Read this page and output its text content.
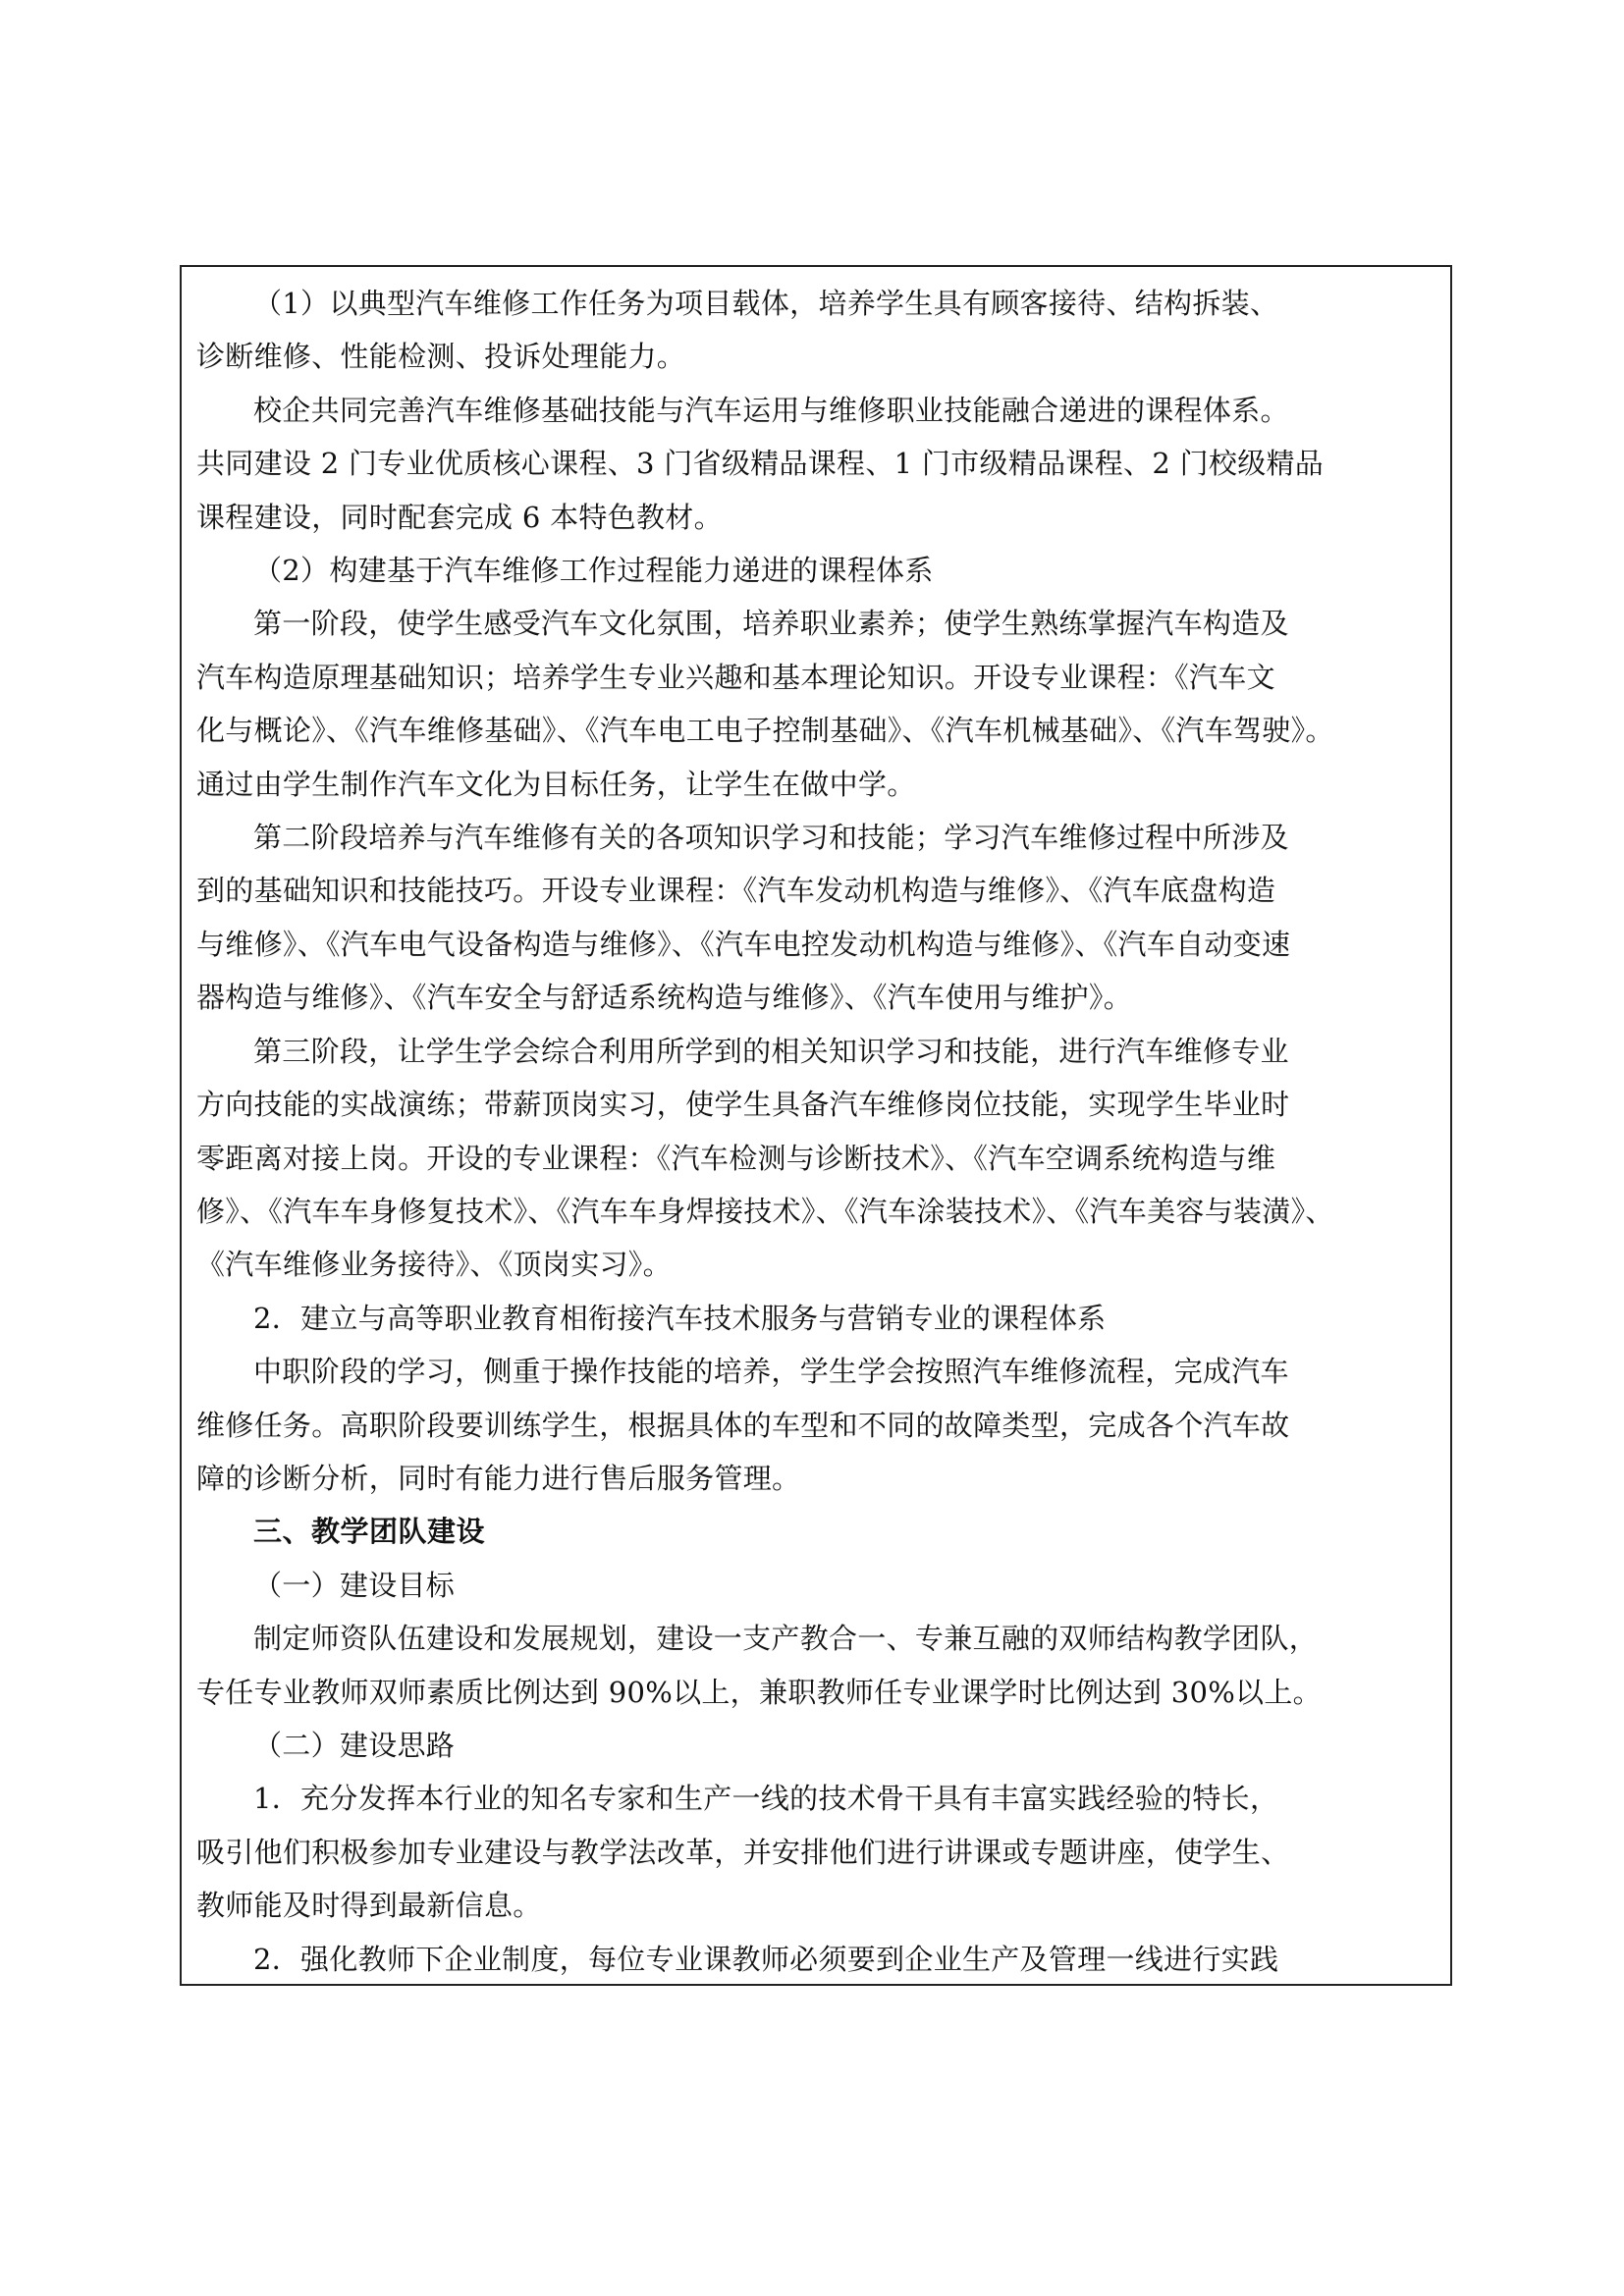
（1）以典型汽车维修工作任务为项目载体，培养学生具有顾客接待、结构拆装、

诊断维修、性能检测、投诉处理能力。

校企共同完善汽车维修基础技能与汽车运用与维修职业技能融合递进的课程体系。

共同建设 2 门专业优质核心课程、3 门省级精品课程、1 门市级精品课程、2 门校级精品

课程建设，同时配套完成 6 本特色教材。

（2）构建基于汽车维修工作过程能力递进的课程体系

第一阶段，使学生感受汽车文化氛围，培养职业素养；使学生熟练掌握汽车构造及

汽车构造原理基础知识；培养学生专业兴趣和基本理论知识。开设专业课程：《汽车文

化与概论》、《汽车维修基础》、《汽车电工电子控制基础》、《汽车机械基础》、《汽车驾驶》。

通过由学生制作汽车文化为目标任务，让学生在做中学。

第二阶段培养与汽车维修有关的各项知识学习和技能；学习汽车维修过程中所涉及

到的基础知识和技能技巧。开设专业课程：《汽车发动机构造与维修》、《汽车底盘构造

与维修》、《汽车电气设备构造与维修》、《汽车电控发动机构造与维修》、《汽车自动变速

器构造与维修》、《汽车安全与舒适系统构造与维修》、《汽车使用与维护》。

第三阶段，让学生学会综合利用所学到的相关知识学习和技能，进行汽车维修专业

方向技能的实战演练；带薪顶岗实习，使学生具备汽车维修岗位技能，实现学生毕业时

零距离对接上岗。开设的专业课程：《汽车检测与诊断技术》、《汽车空调系统构造与维

修》、《汽车车身修复技术》、《汽车车身焊接技术》、《汽车涂装技术》、《汽车美容与装潢》、

《汽车维修业务接待》、《顶岗实习》。

2．建立与高等职业教育相衔接汽车技术服务与营销专业的课程体系

中职阶段的学习，侧重于操作技能的培养，学生学会按照汽车维修流程，完成汽车

维修任务。高职阶段要训练学生，根据具体的车型和不同的故障类型，完成各个汽车故

障的诊断分析，同时有能力进行售后服务管理。

三、教学团队建设

（一）建设目标

制定师资队伍建设和发展规划，建设一支产教合一、专兼互融的双师结构教学团队，

专任专业教师双师素质比例达到 90%以上，兼职教师任专业课学时比例达到 30%以上。

（二）建设思路

1．充分发挥本行业的知名专家和生产一线的技术骨干具有丰富实践经验的特长，

吸引他们积极参加专业建设与教学法改革，并安排他们进行讲课或专题讲座，使学生、

教师能及时得到最新信息。

2．强化教师下企业制度，每位专业课教师必须要到企业生产及管理一线进行实践
